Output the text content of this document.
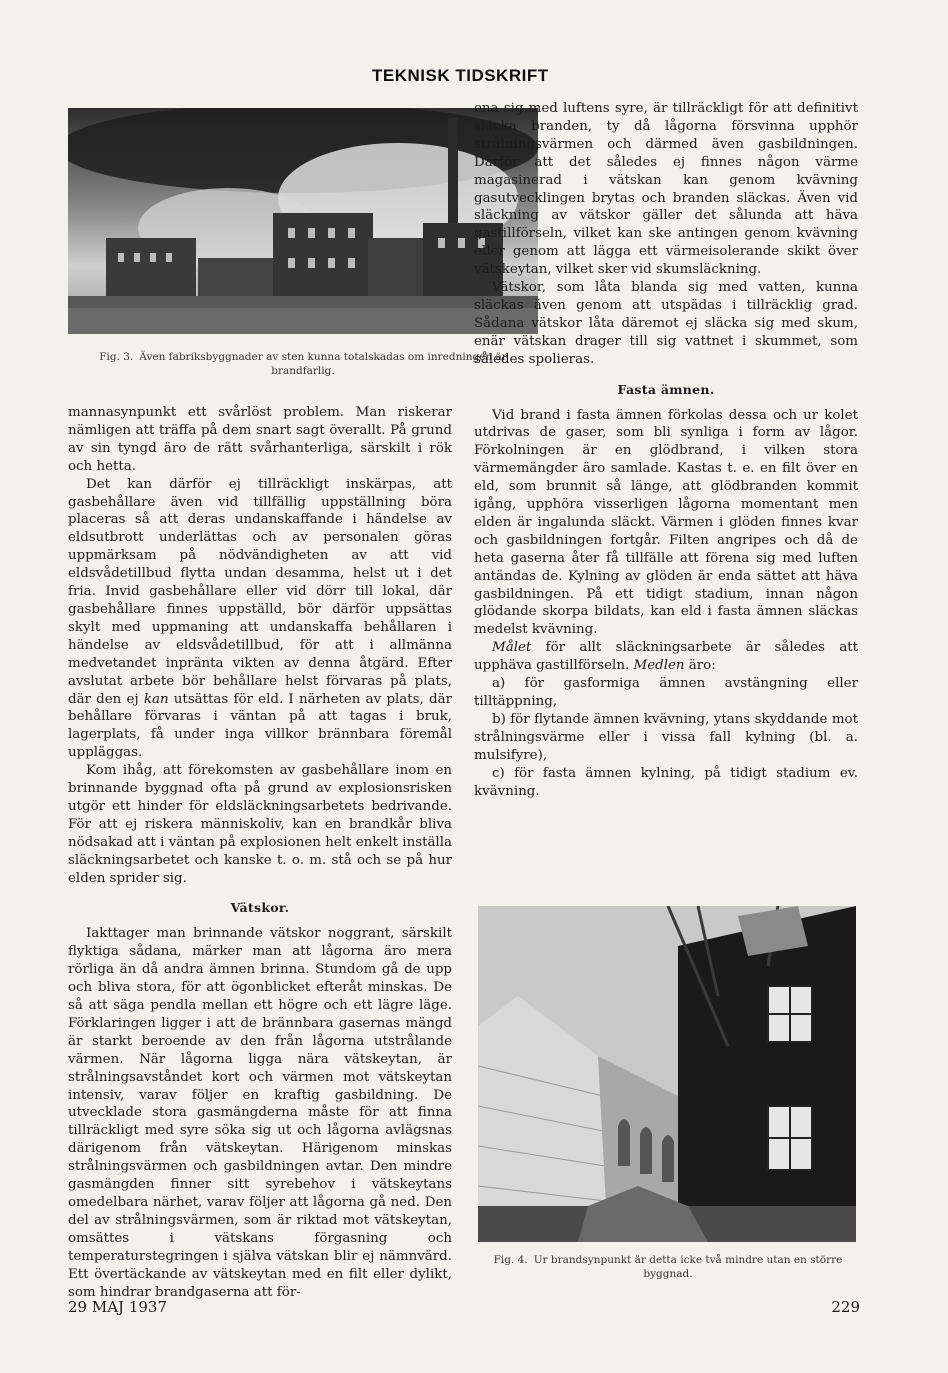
TEKNISK TIDSKRIFT
Fig. 3. Även fabriksbyggnader av sten kunna totalskadas om inredningen är brandfarlig.

mannasynpunkt ett svårlöst problem. Man riskerar nämligen att träffa på dem snart sagt överallt. På grund av sin tyngd äro de rätt svårhanterliga, särskilt i rök och hetta.

Det kan därför ej tillräckligt inskärpas, att gasbehållare även vid tillfällig uppställning böra placeras så att deras undanskaffande i händelse av eldsutbrott underlättas och av personalen göras uppmärksam på nödvändigheten av att vid eldsvådetillbud flytta undan desamma, helst ut i det fria. Invid gasbehållare eller vid dörr till lokal, där gasbehållare finnes uppställd, bör därför uppsättas skylt med uppmaning att undanskaffa behållaren i händelse av eldsvådetillbud, för att i allmänna medvetandet inpränta vikten av denna åtgärd. Efter avslutat arbete bör behållare helst förvaras på plats, där den ej kan utsättas för eld. I närheten av plats, där behållare förvaras i väntan på att tagas i bruk, lagerplats, få under inga villkor brännbara föremål uppläggas.

Kom ihåg, att förekomsten av gasbehållare inom en brinnande byggnad ofta på grund av explosionsrisken utgör ett hinder för eldsläckningsarbetets bedrivande. För att ej riskera människoliv, kan en brandkår bliva nödsakad att i väntan på explosionen helt enkelt inställa släckningsarbetet och kanske t. o. m. stå och se på hur elden sprider sig.

Vätskor.

Iakttager man brinnande vätskor noggrant, särskilt flyktiga sådana, märker man att lågorna äro mera rörliga än då andra ämnen brinna. Stundom gå de upp och bliva stora, för att ögonblicket efteråt minskas. De så att säga pendla mellan ett högre och ett lägre läge. Förklaringen ligger i att de brännbara gasernas mängd är starkt beroende av den från lågorna utstrålande värmen. När lågorna ligga nära vätskeytan, är strålningsavståndet kort och värmen mot vätskeytan intensiv, varav följer en kraftig gasbildning. De utvecklade stora gasmängderna måste för att finna tillräckligt med syre söka sig ut och lågorna avlägsnas därigenom från vätskeytan. Härigenom minskas strålningsvärmen och gasbildningen avtar. Den mindre gasmängden finner sitt syrebehov i vätskeytans omedelbara närhet, varav följer att lågorna gå ned. Den del av strålningsvärmen, som är riktad mot vätskeytan, omsättes i vätskans förgasning och temperaturstegringen i själva vätskan blir ej nämnvärd. Ett övertäckande av vätskeytan med en filt eller dylikt, som hindrar brandgaserna att för-

ena sig med luftens syre, är tillräckligt för att definitivt släcka branden, ty då lågorna försvinna upphör strålningsvärmen och därmed även gasbildningen. Därför att det således ej finnes någon värme magasinerad i vätskan kan genom kvävning gasutvecklingen brytas och branden släckas. Även vid släckning av vätskor gäller det sålunda att häva gastillförseln, vilket kan ske antingen genom kvävning eller genom att lägga ett värmeisolerande skikt över vätskeytan, vilket sker vid skumsläckning.

Vätskor, som låta blanda sig med vatten, kunna släckas även genom att utspädas i tillräcklig grad. Sådana vätskor låta däremot ej släcka sig med skum, enär vätskan drager till sig vattnet i skummet, som således spolieras.

Fasta ämnen.

Vid brand i fasta ämnen förkolas dessa och ur kolet utdrivas de gaser, som bli synliga i form av lågor. Förkolningen är en glödbrand, i vilken stora värmemängder äro samlade. Kastas t. e. en filt över en eld, som brunnit så länge, att glödbranden kommit igång, upphöra visserligen lågorna momentant men elden är ingalunda släckt. Värmen i glöden finnes kvar och gasbildningen fortgår. Filten angripes och då de heta gaserna åter få tillfälle att förena sig med luften antändas de. Kylning av glöden är enda sättet att häva gasbildningen. På ett tidigt stadium, innan någon glödande skorpa bildats, kan eld i fasta ämnen släckas medelst kvävning.

Målet för allt släckningsarbete är således att upphäva gastillförseln. Medlen äro:

a) för gasformiga ämnen avstängning eller tilltäppning,

b) för flytande ämnen kvävning, ytans skyddande mot strålningsvärme eller i vissa fall kylning (bl. a. mulsifyre),

c) för fasta ämnen kylning, på tidigt stadium ev. kvävning.

Fig. 4. Ur brandsynpunkt är detta icke två mindre utan en större byggnad.
29 MAJ 1937	229
